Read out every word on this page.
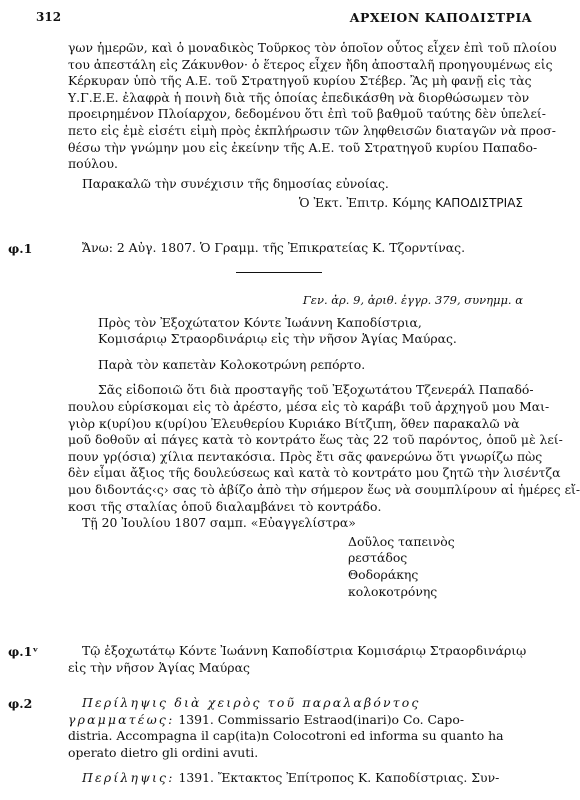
312	ΑΡΧΕΙΟΝ ΚΑΠΟΔΙΣΤΡΙΑ
γων ἡμερῶν, καὶ ὁ μοναδικὸς Τοῦρκος τὸν ὁποῖον οὗτος εἶχεν ἐπὶ τοῦ πλοίου
του ἀπεστάλη εἰς Ζάκυνθον· ὁ ἕτερος εἶχεν ἤδη ἀποσταλῆ προηγουμένως εἰς
Κέρκυραν ὑπὸ τῆς Α.Ε. τοῦ Στρατηγοῦ κυρίου Στέβερ. Ἂς μὴ φανῇ εἰς τὰς
Υ.Γ.Ε.Ε. ἐλαφρὰ ἡ ποινὴ διὰ τῆς ὁποίας ἐπεδικάσθη νὰ διορθώσωμεν τὸν
προειρημένον Πλοίαρχον, δεδομένου ὅτι ἐπὶ τοῦ βαθμοῦ ταύτης δὲν ὑπελεί-
πετο εἰς ἐμὲ εἰσέτι εἰμὴ πρὸς ἐκπλήρωσιν τῶν ληφθεισῶν διαταγῶν νὰ προσ-
θέσω τὴν γνώμην μου εἰς ἐκείνην τῆς Α.Ε. τοῦ Στρατηγοῦ κυρίου Παπαδο-
πούλου.
Παρακαλῶ τὴν συνέχισιν τῆς δημοσίας εὐνοίας.
Ὁ Ἐκτ. Ἐπιτρ. Κόμης ΚΑΠΟΔΙΣΤΡΙΑΣ
φ.1	Ἄνω: 2 Αὐγ. 1807. Ὁ Γραμμ. τῆς Ἐπικρατείας Κ. Τζορντίνας.
Γεν. ἀρ. 9, ἀριθ. ἐγγρ. 379, συνημμ. α
Πρὸς τὸν Ἐξοχώτατον Κόντε Ἰωάννη Καποδίστρια,
Κομισάριῳ Στραορδινάριῳ εἰς τὴν νῆσον Ἁγίας Μαύρας.
Παρὰ τὸν καπετὰν Κολοκοτρώνη ρεπόρτο.
Σᾶς εἰδοποιῶ ὅτι διὰ προσταγῆς τοῦ Ἐξοχωτάτου Τζενεράλ Παπαδό-
πουλου εὑρίσκομαι εἰς τὸ ἀρέστο, μέσα εἰς τὸ καράβι τοῦ ἀρχηγοῦ μου Μαι-
γιὸρ κ(υρί)ου κ(υρί)ου Ἐλευθερίου Κυριάκο Βίτζιπη, ὅθεν παρακαλῶ νὰ
μοῦ δοθοῦν αἱ πάγες κατὰ τὸ κοντράτο ἕως τὰς 22 τοῦ παρόντος, ὁποῦ μὲ λεί-
πουν γρ(όσια) χίλια πεντακόσια. Πρὸς ἔτι σᾶς φανερώνω ὅτι γνωρίζω πὼς
δὲν εἶμαι ἄξιος τῆς δουλεύσεως καὶ κατὰ τὸ κοντράτο μου ζητῶ τὴν λισέντζα
μου διδοντάς‹ς› σας τὸ ἀβίζο ἀπὸ τὴν σήμερον ἕως νὰ σουμπλίρουν αἱ ἡμέρες εἴ-
κοσι τῆς σταλίας ὁποῦ διαλαμβάνει τὸ κοντράδο.
Τῇ 20 Ἰουλίου 1807 σαμπ. «Εὐαγγελίστρα»
Δοῦλος ταπεινὸς
ρεστάδος
Θοδοράκης
κολοκοτρόνης
φ.1ᵛ	Τῷ ἐξοχωτάτῳ Κόντε Ἰωάννη Καποδίστρια Κομισάριῳ Στραορδινάριῳ
εἰς τὴν νῆσον Ἁγίας Μαύρας
φ.2	Περίληψις διὰ χειρὸς τοῦ παραλαβόντος
γραμματέως: 1391. Commissario Estraod(inari)o Co. Capo-
distria. Accompagna il cap(ita)n Colocotroni ed informa su quanto ha
operato dietro gli ordini avuti.
Περίληψις: 1391. Ἔκτακτος Ἐπίτροπος Κ. Καποδίστριας. Συν-
